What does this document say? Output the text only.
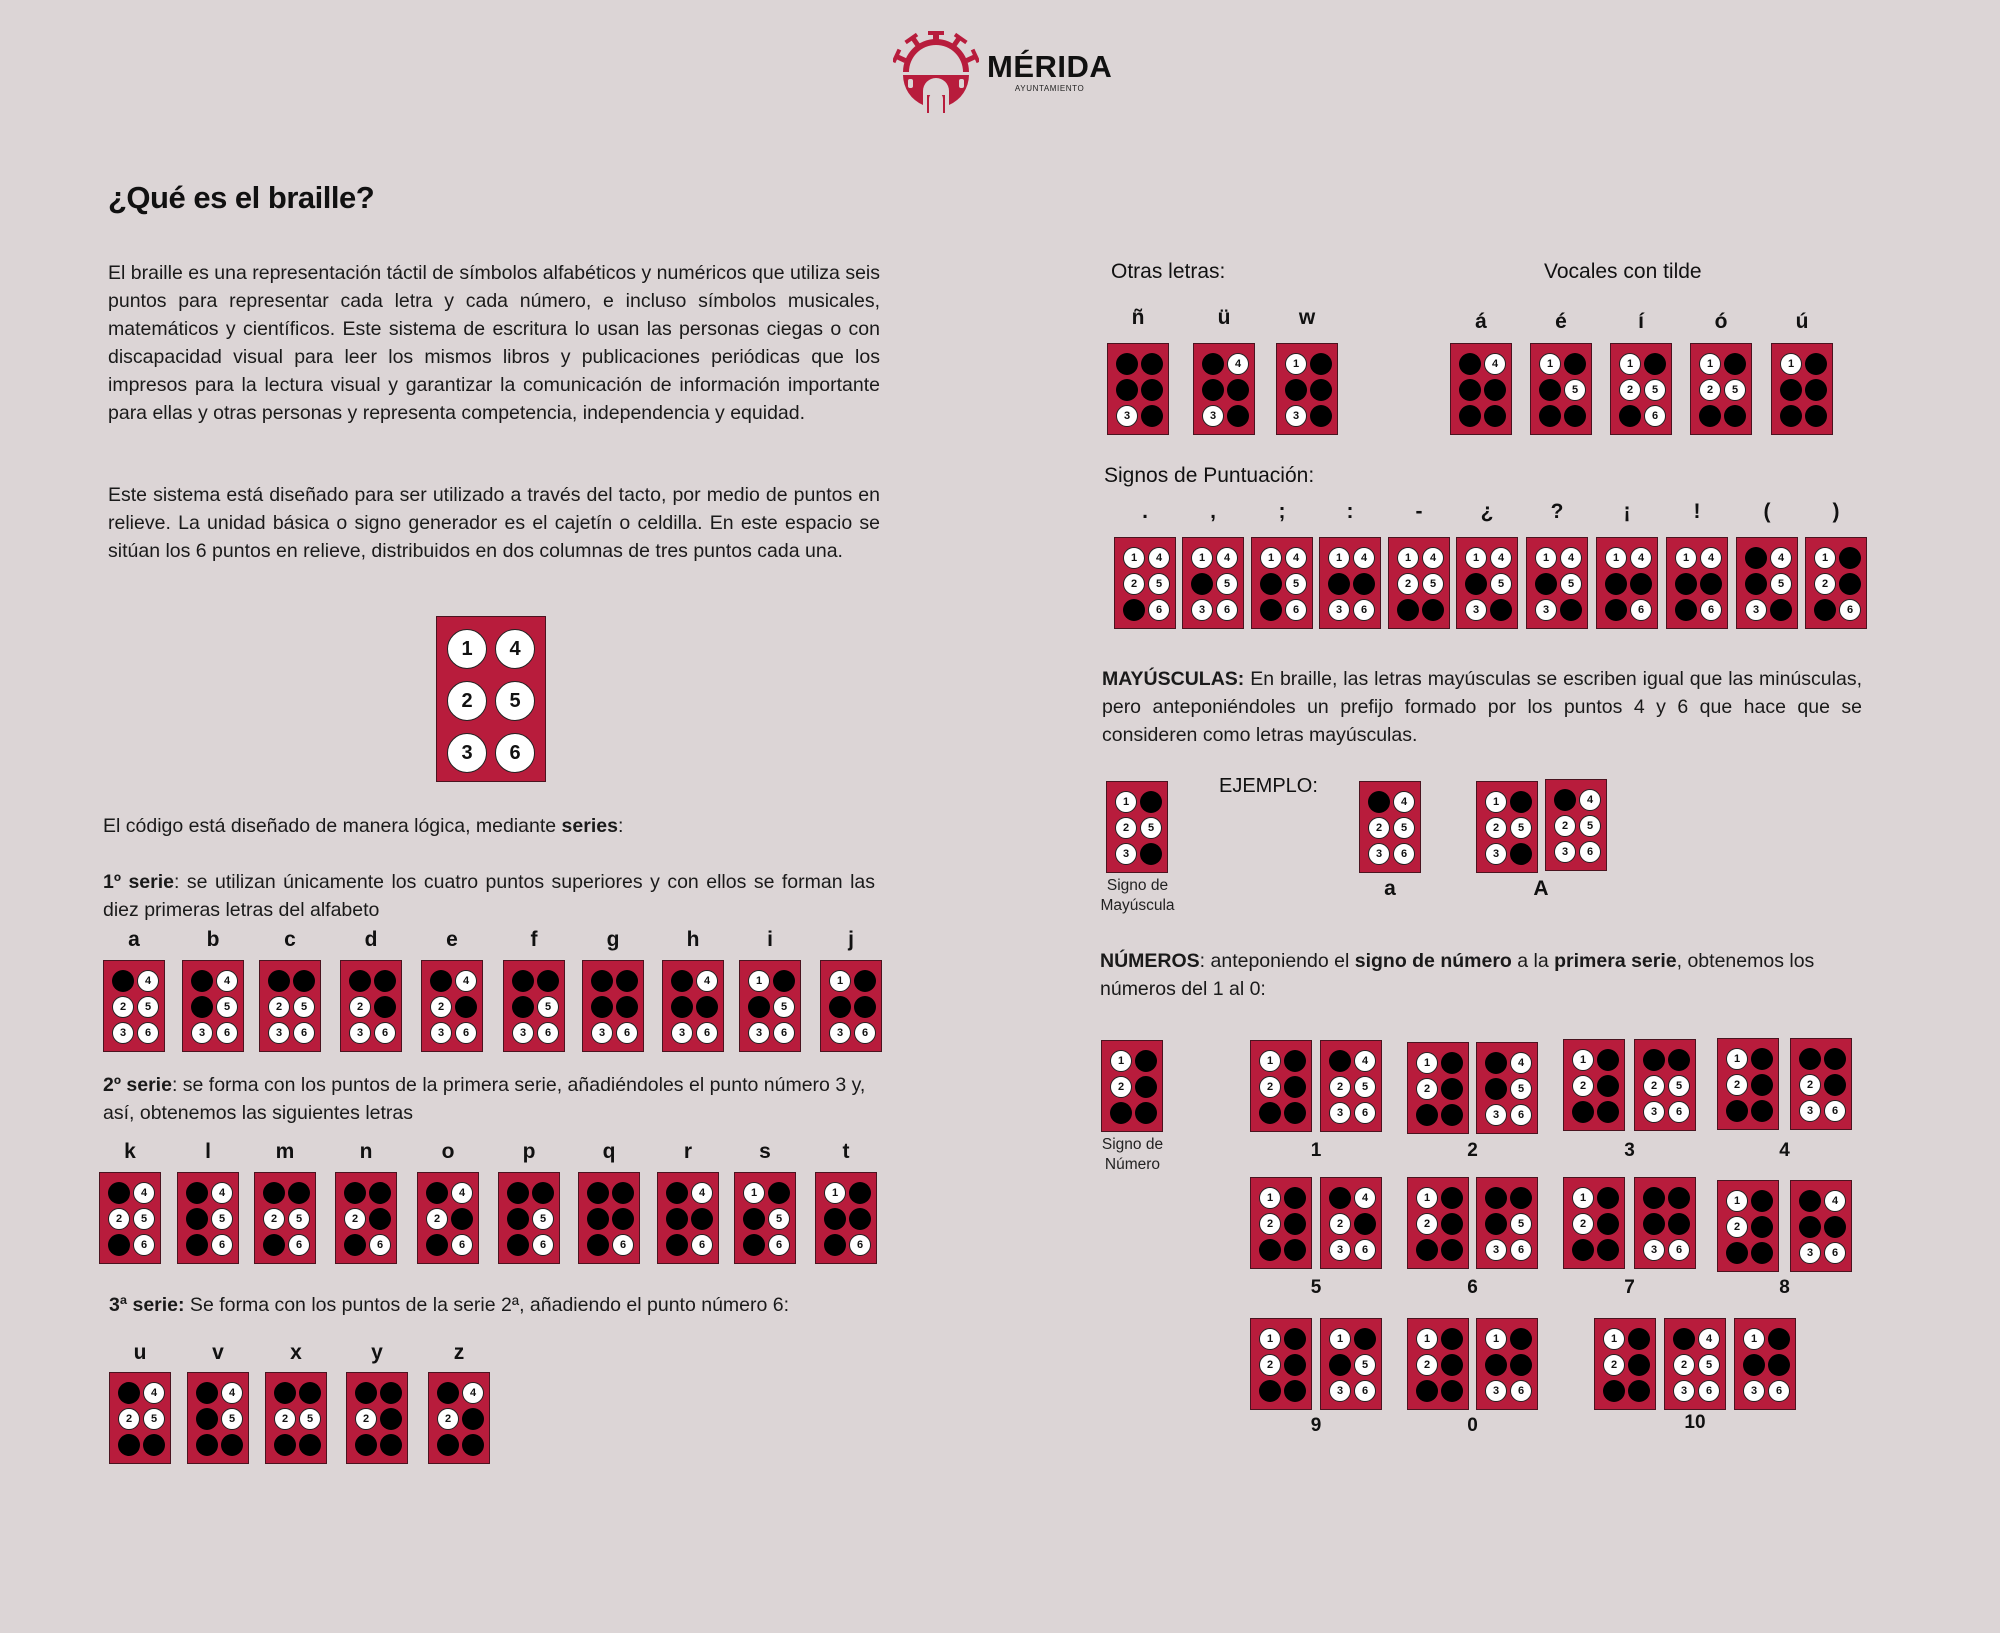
MÉRIDA
AYUNTAMIENTO
¿Qué es el braille?

El braille es una representación táctil de símbolos alfabéticos y numéricos que utiliza seis puntos para representar cada letra y cada número, e incluso símbolos musicales, matemáticos y científicos. Este sistema de escritura lo usan las personas ciegas o con discapacidad visual para leer los mismos libros y publicaciones periódicas que los impresos para la lectura visual y garantizar la comunicación de información importante para ellas y otras personas y representa competencia, independencia y equidad.

Este sistema está diseñado para ser utilizado a través del tacto, por medio de puntos en relieve. La unidad básica o signo generador es el cajetín o celdilla. En este espacio se sitúan los 6 puntos en relieve, distribuidos en dos columnas de tres puntos cada una.

1
2
3
4
5
6

El código está diseñado de manera lógica, mediante series:

1º serie: se utilizan únicamente los cuatro puntos superiores y con ellos se forman las diez primeras letras del alfabeto

2º serie: se forma con los puntos de la primera serie, añadiéndoles el punto número 3 y, así, obtenemos las siguientes letras

3ª serie: Se forma con los puntos de la serie 2ª, añadiendo el punto número 6:

Otras letras:	Vocales con tilde
Signos de Puntuación:

MAYÚSCULAS: En braille, las letras mayúsculas se escriben igual que las minúsculas, pero anteponiéndoles un prefijo formado por los puntos 4 y 6 que hace que se consideren como letras mayúsculas.

1
2
3
4
5
6
Signo de Mayúscula
EJEMPLO:
1
2
3
4
5
6
a
1
2
3
4
5
6
1
2
3
4
5
6
A

NÚMEROS: anteponiendo el signo de número a la primera serie, obtenemos los números del 1 al 0:

1
2
3
4
5
6
Signo de Número
a
1
2
3
4
5
6
b
1
2
3
4
5
6
c
1
2
3
4
5
6
d
1
2
3
4
5
6
e
1
2
3
4
5
6
f
1
2
3
4
5
6
g
1
2
3
4
5
6
h
1
2
3
4
5
6
i
1
2
3
4
5
6
j
1
2
3
4
5
6
k
1
2
3
4
5
6
l
1
2
3
4
5
6
m
1
2
3
4
5
6
n
1
2
3
4
5
6
o
1
2
3
4
5
6
p
1
2
3
4
5
6
q
1
2
3
4
5
6
r
1
2
3
4
5
6
s
1
2
3
4
5
6
t
1
2
3
4
5
6
u
1
2
3
4
5
6
v
1
2
3
4
5
6
x
1
2
3
4
5
6
y
1
2
3
4
5
6
z
1
2
3
4
5
6
ñ
1
2
3
4
5
6
ü
1
2
3
4
5
6
w
1
2
3
4
5
6
á
1
2
3
4
5
6
é
1
2
3
4
5
6
í
1
2
3
4
5
6
ó
1
2
3
4
5
6
ú
1
2
3
4
5
6
.
1
2
3
4
5
6
,
1
2
3
4
5
6
;
1
2
3
4
5
6
:
1
2
3
4
5
6
-
1
2
3
4
5
6
¿
1
2
3
4
5
6
?
1
2
3
4
5
6
¡
1
2
3
4
5
6
!
1
2
3
4
5
6
(
1
2
3
4
5
6
)
1
2
3
4
5
6
1
2
3
4
5
6
1
2
3
4
5
6
1
1
2
3
4
5
6
1
2
3
4
5
6
2
1
2
3
4
5
6
1
2
3
4
5
6
3
1
2
3
4
5
6
1
2
3
4
5
6
4
1
2
3
4
5
6
1
2
3
4
5
6
5
1
2
3
4
5
6
1
2
3
4
5
6
6
1
2
3
4
5
6
1
2
3
4
5
6
7
1
2
3
4
5
6
1
2
3
4
5
6
8
1
2
3
4
5
6
1
2
3
4
5
6
9
1
2
3
4
5
6
1
2
3
4
5
6
0
1
2
3
4
5
6
1
2
3
4
5
6
1
2
3
4
5
6
10
